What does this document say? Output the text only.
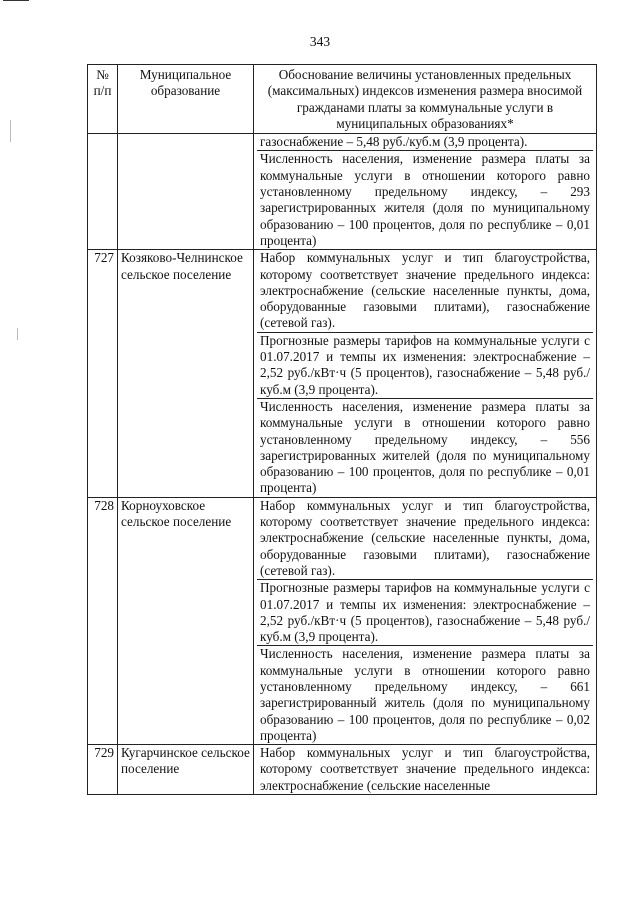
343
№ п/п	Муниципальное образование	Обоснование величины установленных предельных (максимальных) индексов изменения размера вносимой гражданами платы за коммунальные услуги в муниципальных образованиях*

		газоснабжение – 5,48 руб./куб.м (3,9 процента).
Численность населения, изменение размера платы за коммунальные услуги в отношении которого равно установленному предельному индексу, – 293 зарегистрированных жителя (доля по муниципальному образованию – 100 процентов, доля по республике – 0,01 процента)

727	Козяково-Челнинское сельское поселение	Набор коммунальных услуг и тип благоустройства, которому соответствует значение предельного индекса: электроснабжение (сельские населенные пункты, дома, оборудованные газовыми плитами), газоснабжение (сетевой газ).
Прогнозные размеры тарифов на коммунальные услуги с 01.07.2017 и темпы их изменения: электроснабжение – 2,52 руб./кВт·ч (5 процентов), газоснабжение – 5,48 руб./куб.м (3,9 процента).
Численность населения, изменение размера платы за коммунальные услуги в отношении которого равно установленному предельному индексу, – 556 зарегистрированных жителей (доля по муниципальному образованию – 100 процентов, доля по республике – 0,01 процента)

728	Корноуховское сельское поселение	Набор коммунальных услуг и тип благоустройства, которому соответствует значение предельного индекса: электроснабжение (сельские населенные пункты, дома, оборудованные газовыми плитами), газоснабжение (сетевой газ).
Прогнозные размеры тарифов на коммунальные услуги с 01.07.2017 и темпы их изменения: электроснабжение – 2,52 руб./кВт·ч (5 процентов), газоснабжение – 5,48 руб./куб.м (3,9 процента).
Численность населения, изменение размера платы за коммунальные услуги в отношении которого равно установленному предельному индексу, – 661 зарегистрированный житель (доля по муниципальному образованию – 100 процентов, доля по республике – 0,02 процента)

729	Кугарчинское сельское поселение	Набор коммунальных услуг и тип благоустройства, которому соответствует значение предельного индекса: электроснабжение (сельские населенные
